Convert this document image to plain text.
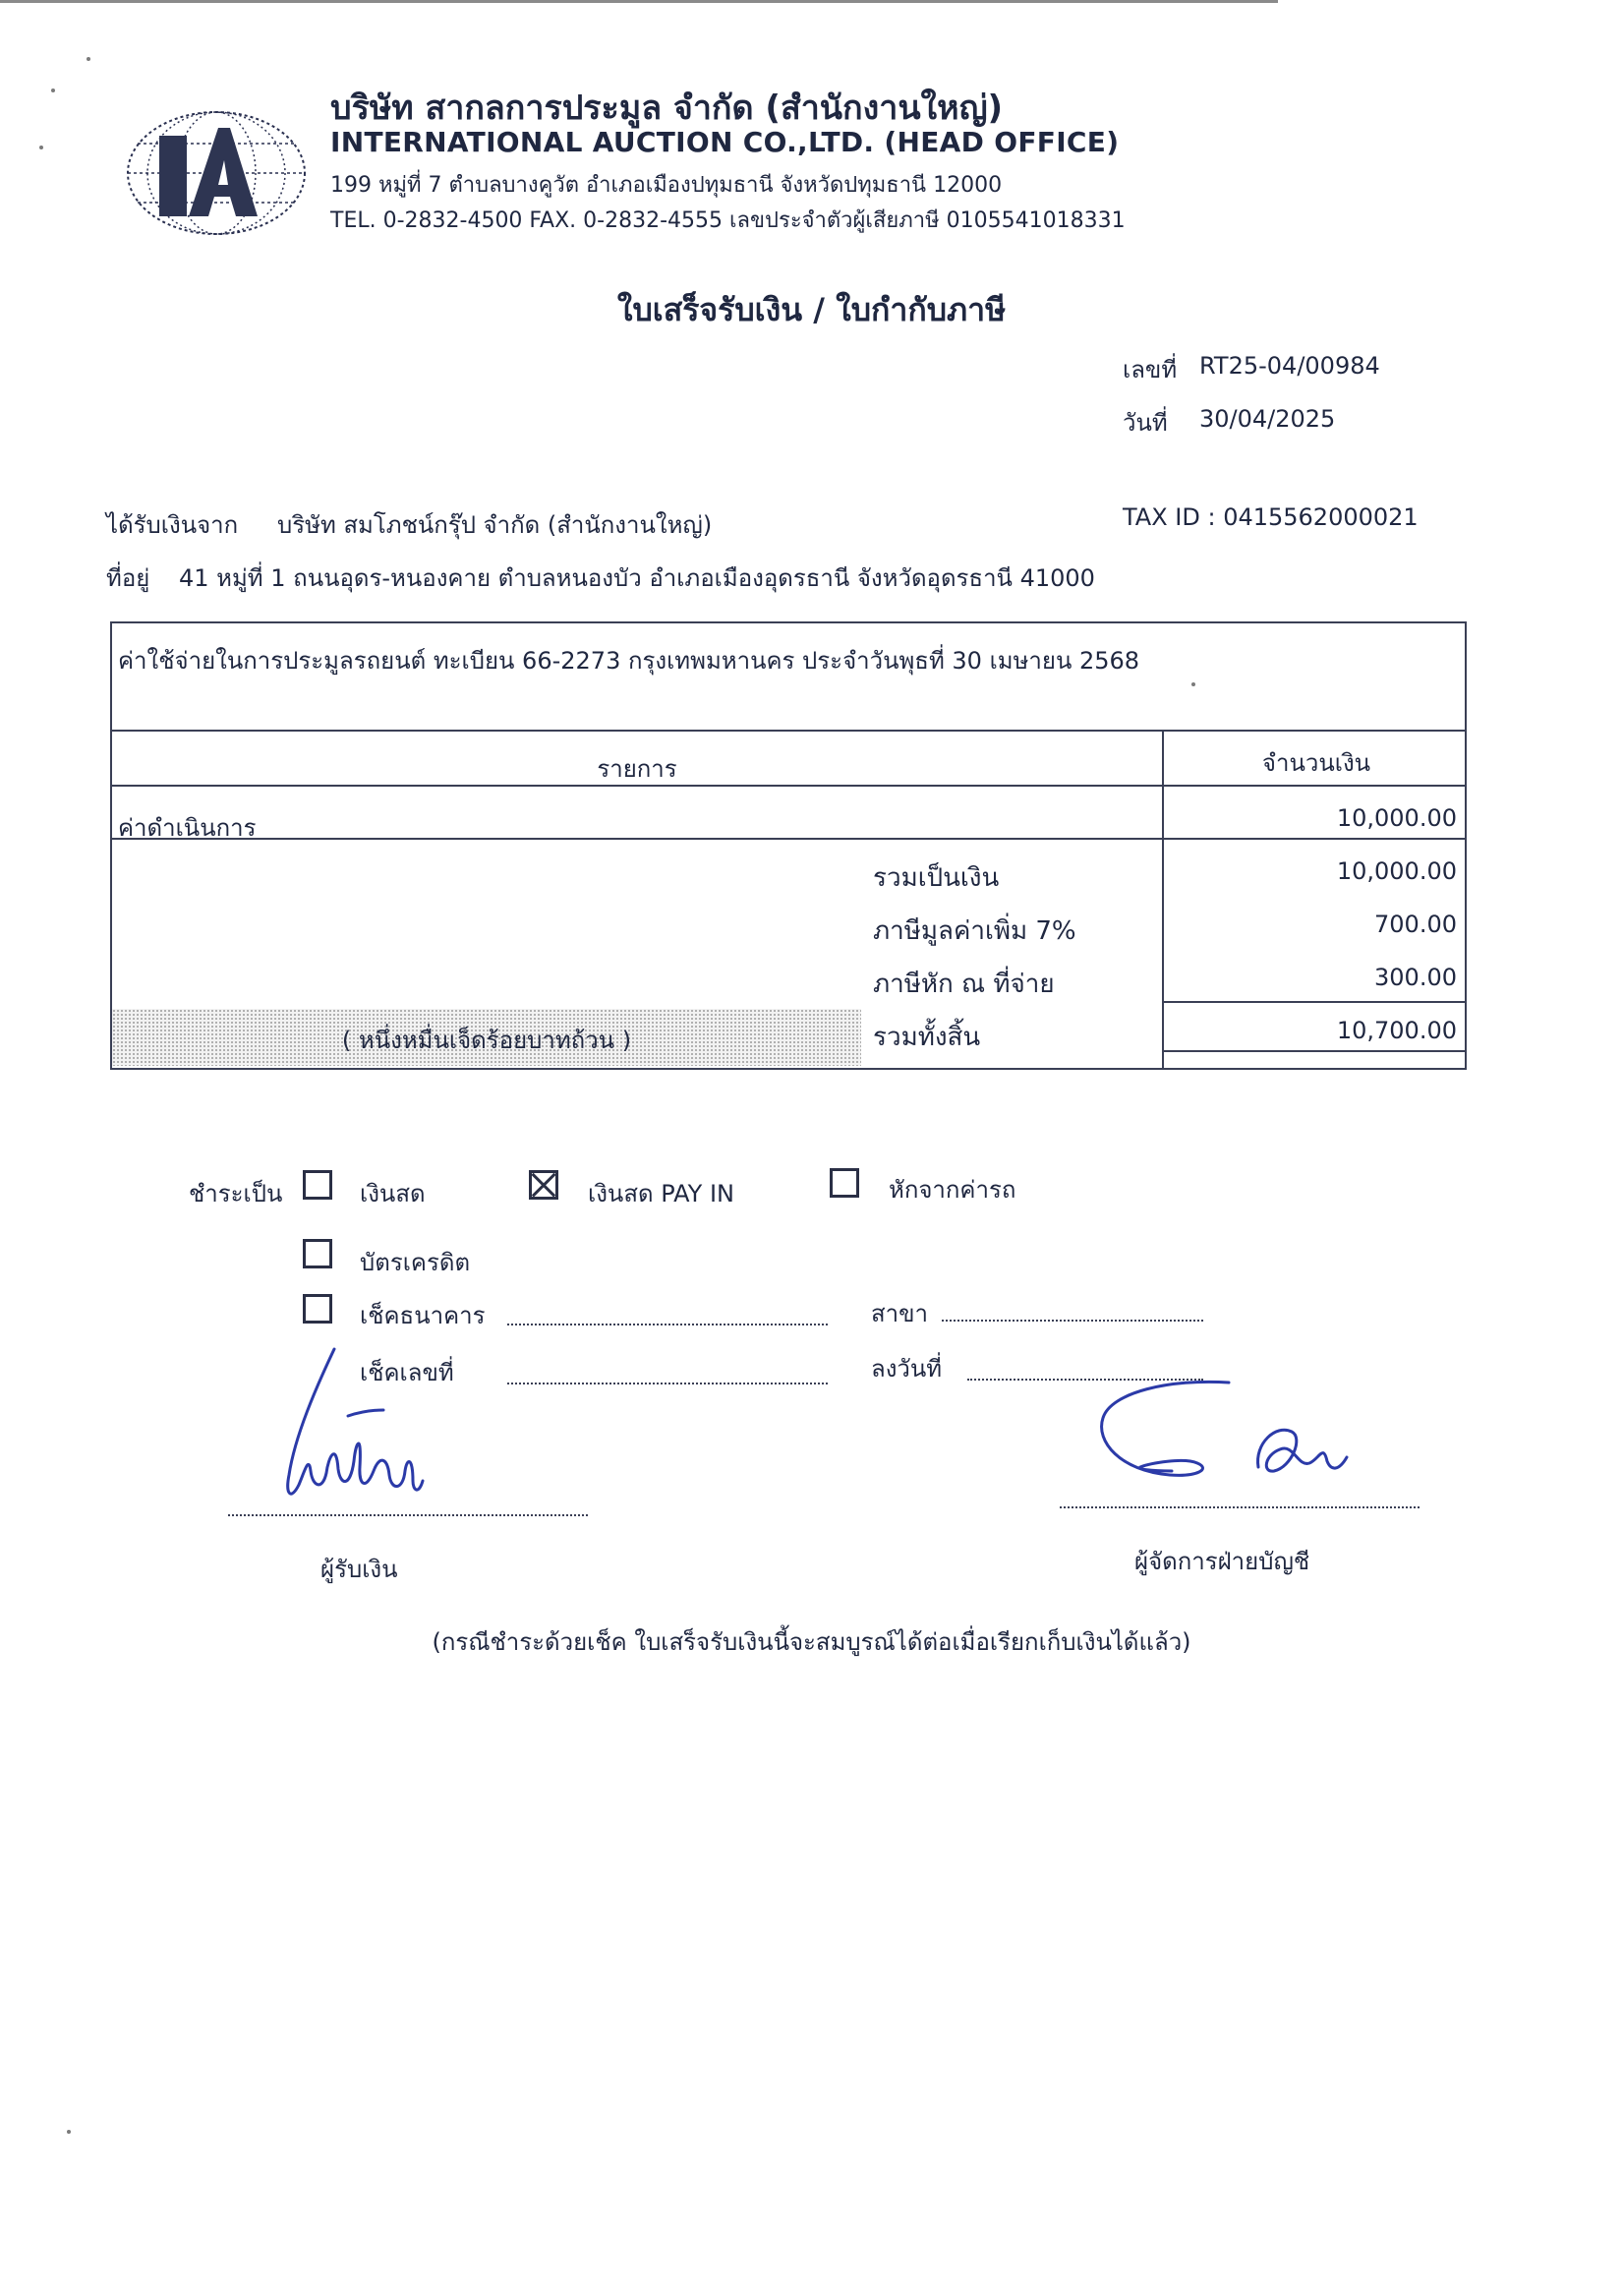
บริษัท สากลการประมูล จำกัด (สำนักงานใหญ่)
INTERNATIONAL AUCTION CO.,LTD. (HEAD OFFICE)
199 หมู่ที่ 7 ตำบลบางคูวัต อำเภอเมืองปทุมธานี จังหวัดปทุมธานี 12000
TEL. 0-2832-4500 FAX. 0-2832-4555 เลขประจำตัวผู้เสียภาษี 0105541018331
ใบเสร็จรับเงิน / ใบกำกับภาษี
เลขที่ RT25-04/00984
วันที่ 30/04/2025
ได้รับเงินจาก บริษัท สมโภชน์กรุ๊ป จำกัด (สำนักงานใหญ่)	TAX ID : 0415562000021
ที่อยู่ 41 หมู่ที่ 1 ถนนอุดร-หนองคาย ตำบลหนองบัว อำเภอเมืองอุดรธานี จังหวัดอุดรธานี 41000
ค่าใช้จ่ายในการประมูลรถยนต์ ทะเบียน 66-2273 กรุงเทพมหานคร ประจำวันพุธที่ 30 เมษายน 2568
รายการ	จำนวนเงิน
ค่าดำเนินการ	10,000.00
รวมเป็นเงิน	10,000.00
ภาษีมูลค่าเพิ่ม 7%	700.00
ภาษีหัก ณ ที่จ่าย	300.00
( หนึ่งหมื่นเจ็ดร้อยบาทถ้วน )	รวมทั้งสิ้น	10,700.00
ชำระเป็น	เงินสด	เงินสด PAY IN	หักจากค่ารถ
บัตรเครดิต
เช็คธนาคาร	สาขา
เช็คเลขที่	ลงวันที่
ผู้รับเงิน	ผู้จัดการฝ่ายบัญชี
(กรณีชำระด้วยเช็ค ใบเสร็จรับเงินนี้จะสมบูรณ์ได้ต่อเมื่อเรียกเก็บเงินได้แล้ว)
